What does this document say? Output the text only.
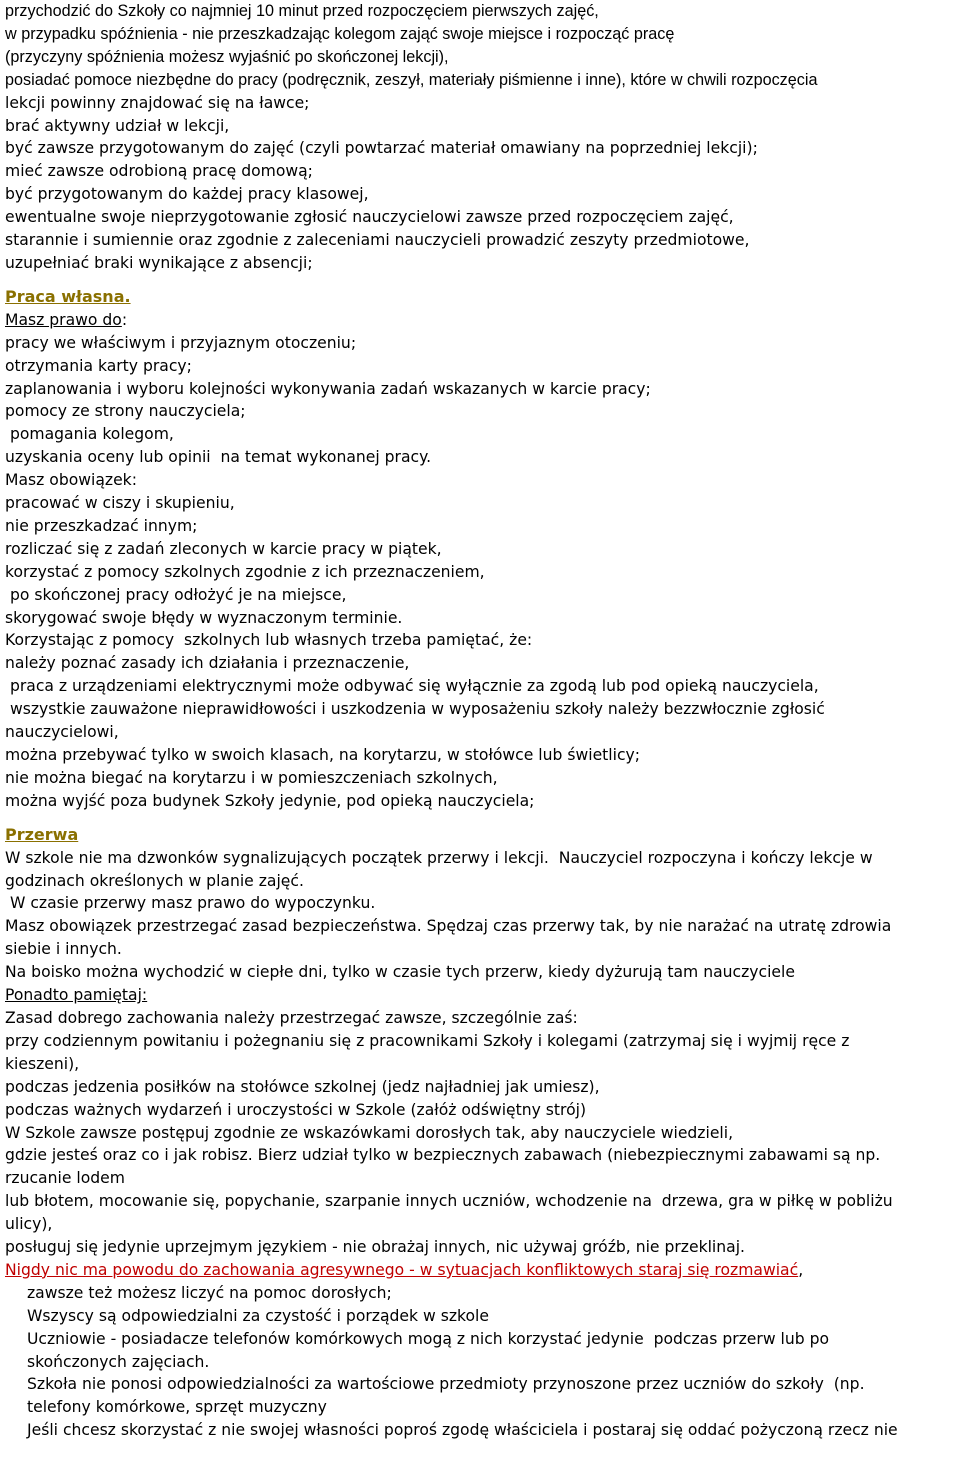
przychodzić do Szkoły co najmniej 10 minut przed rozpoczęciem pierwszych zajęć,

w przypadku spóźnienia - nie przeszkadzając kolegom zająć swoje miejsce i rozpocząć pracę

(przyczyny spóźnienia możesz wyjaśnić po skończonej lekcji),

posiadać pomoce niezbędne do pracy (podręcznik, zeszył, materiały piśmienne i inne), które w chwili rozpoczęcia

lekcji powinny znajdować się na ławce;

brać aktywny udział w lekcji,

być zawsze przygotowanym do zajęć (czyli powtarzać materiał omawiany na poprzedniej lekcji);

mieć zawsze odrobioną pracę domową;

być przygotowanym do każdej pracy klasowej,

ewentualne swoje nieprzygotowanie zgłosić nauczycielowi zawsze przed rozpoczęciem zajęć,

starannie i sumiennie oraz zgodnie z zaleceniami nauczycieli prowadzić zeszyty przedmiotowe,

uzupełniać braki wynikające z absencji;

Praca własna.

Masz prawo do:

pracy we właściwym i przyjaznym otoczeniu;

otrzymania karty pracy;

zaplanowania i wyboru kolejności wykonywania zadań wskazanych w karcie pracy;

pomocy ze strony nauczyciela;

pomagania kolegom,

uzyskania oceny lub opinii  na temat wykonanej pracy.

Masz obowiązek:

pracować w ciszy i skupieniu,

nie przeszkadzać innym;

rozliczać się z zadań zleconych w karcie pracy w piątek,

korzystać z pomocy szkolnych zgodnie z ich przeznaczeniem,

po skończonej pracy odłożyć je na miejsce,

skorygować swoje błędy w wyznaczonym terminie.

Korzystając z pomocy  szkolnych lub własnych trzeba pamiętać, że:

należy poznać zasady ich działania i przeznaczenie,

praca z urządzeniami elektrycznymi może odbywać się wyłącznie za zgodą lub pod opieką nauczyciela,

wszystkie zauważone nieprawidłowości i uszkodzenia w wyposażeniu szkoły należy bezzwłocznie zgłosić

nauczycielowi,

można przebywać tylko w swoich klasach, na korytarzu, w stołówce lub świetlicy;

nie można biegać na korytarzu i w pomieszczeniach szkolnych,

można wyjść poza budynek Szkoły jedynie, pod opieką nauczyciela;

Przerwa

W szkole nie ma dzwonków sygnalizujących początek przerwy i lekcji.  Nauczyciel rozpoczyna i kończy lekcje w

godzinach określonych w planie zajęć.

W czasie przerwy masz prawo do wypoczynku.

Masz obowiązek przestrzegać zasad bezpieczeństwa. Spędzaj czas przerwy tak, by nie narażać na utratę zdrowia

siebie i innych.

Na boisko można wychodzić w ciepłe dni, tylko w czasie tych przerw, kiedy dyżurują tam nauczyciele

Ponadto pamiętaj:

Zasad dobrego zachowania należy przestrzegać zawsze, szczególnie zaś:

przy codziennym powitaniu i pożegnaniu się z pracownikami Szkoły i kolegami (zatrzymaj się i wyjmij ręce z

kieszeni),

podczas jedzenia posiłków na stołówce szkolnej (jedz najładniej jak umiesz),

podczas ważnych wydarzeń i uroczystości w Szkole (załóż odświętny strój)

W Szkole zawsze postępuj zgodnie ze wskazówkami dorosłych tak, aby nauczyciele wiedzieli,

gdzie jesteś oraz co i jak robisz. Bierz udział tylko w bezpiecznych zabawach (niebezpiecznymi zabawami są np.

rzucanie lodem

lub błotem, mocowanie się, popychanie, szarpanie innych uczniów, wchodzenie na  drzewa, gra w piłkę w pobliżu

ulicy),

posługuj się jedynie uprzejmym językiem - nie obrażaj innych, nic używaj gróźb, nie przeklinaj.

Nigdy nic ma powodu do zachowania agresywnego - w sytuacjach konfliktowych staraj się rozmawiać,

zawsze też możesz liczyć na pomoc dorosłych;

Wszyscy są odpowiedzialni za czystość i porządek w szkole

Uczniowie - posiadacze telefonów komórkowych mogą z nich korzystać jedynie  podczas przerw lub po

skończonych zajęciach.

Szkoła nie ponosi odpowiedzialności za wartościowe przedmioty przynoszone przez uczniów do szkoły  (np.

telefony komórkowe, sprzęt muzyczny

Jeśli chcesz skorzystać z nie swojej własności poproś zgodę właściciela i postaraj się oddać pożyczoną rzecz nie
